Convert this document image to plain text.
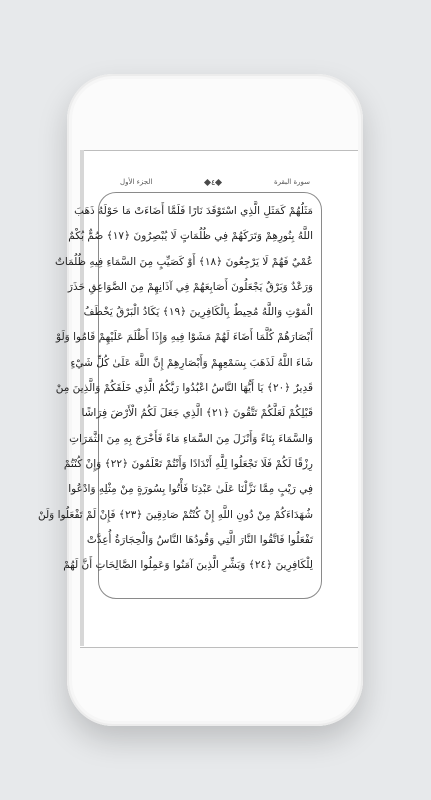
الجزء الأول	٤	سورة البقرة
مَثَلُهُمْ كَمَثَلِ الَّذِي اسْتَوْقَدَ نَارًا فَلَمَّا أَضَاءَتْ مَا حَوْلَهُ ذَهَبَ
اللَّهُ بِنُورِهِمْ وَتَرَكَهُمْ فِي ظُلُمَاتٍ لَا يُبْصِرُونَ ﴿١٧﴾ صُمٌّ بُكْمٌ
عُمْيٌ فَهُمْ لَا يَرْجِعُونَ ﴿١٨﴾ أَوْ كَصَيِّبٍ مِنَ السَّمَاءِ فِيهِ ظُلُمَاتٌ
وَرَعْدٌ وَبَرْقٌ يَجْعَلُونَ أَصَابِعَهُمْ فِي آذَانِهِمْ مِنَ الصَّوَاعِقِ حَذَرَ
الْمَوْتِ وَاللَّهُ مُحِيطٌ بِالْكَافِرِينَ ﴿١٩﴾ يَكَادُ الْبَرْقُ يَخْطَفُ
أَبْصَارَهُمْ كُلَّمَا أَضَاءَ لَهُمْ مَشَوْا فِيهِ وَإِذَا أَظْلَمَ عَلَيْهِمْ قَامُوا وَلَوْ
شَاءَ اللَّهُ لَذَهَبَ بِسَمْعِهِمْ وَأَبْصَارِهِمْ إِنَّ اللَّهَ عَلَىٰ كُلِّ شَيْءٍ
قَدِيرٌ ﴿٢٠﴾ يَا أَيُّهَا النَّاسُ اعْبُدُوا رَبَّكُمُ الَّذِي خَلَقَكُمْ وَالَّذِينَ مِنْ
قَبْلِكُمْ لَعَلَّكُمْ تَتَّقُونَ ﴿٢١﴾ الَّذِي جَعَلَ لَكُمُ الْأَرْضَ فِرَاشًا
وَالسَّمَاءَ بِنَاءً وَأَنْزَلَ مِنَ السَّمَاءِ مَاءً فَأَخْرَجَ بِهِ مِنَ الثَّمَرَاتِ
رِزْقًا لَكُمْ فَلَا تَجْعَلُوا لِلَّهِ أَنْدَادًا وَأَنْتُمْ تَعْلَمُونَ ﴿٢٢﴾ وَإِنْ كُنْتُمْ
فِي رَيْبٍ مِمَّا نَزَّلْنَا عَلَىٰ عَبْدِنَا فَأْتُوا بِسُورَةٍ مِنْ مِثْلِهِ وَادْعُوا
شُهَدَاءَكُمْ مِنْ دُونِ اللَّهِ إِنْ كُنْتُمْ صَادِقِينَ ﴿٢٣﴾ فَإِنْ لَمْ تَفْعَلُوا وَلَنْ
تَفْعَلُوا فَاتَّقُوا النَّارَ الَّتِي وَقُودُهَا النَّاسُ وَالْحِجَارَةُ أُعِدَّتْ
لِلْكَافِرِينَ ﴿٢٤﴾ وَبَشِّرِ الَّذِينَ آمَنُوا وَعَمِلُوا الصَّالِحَاتِ أَنَّ لَهُمْ
